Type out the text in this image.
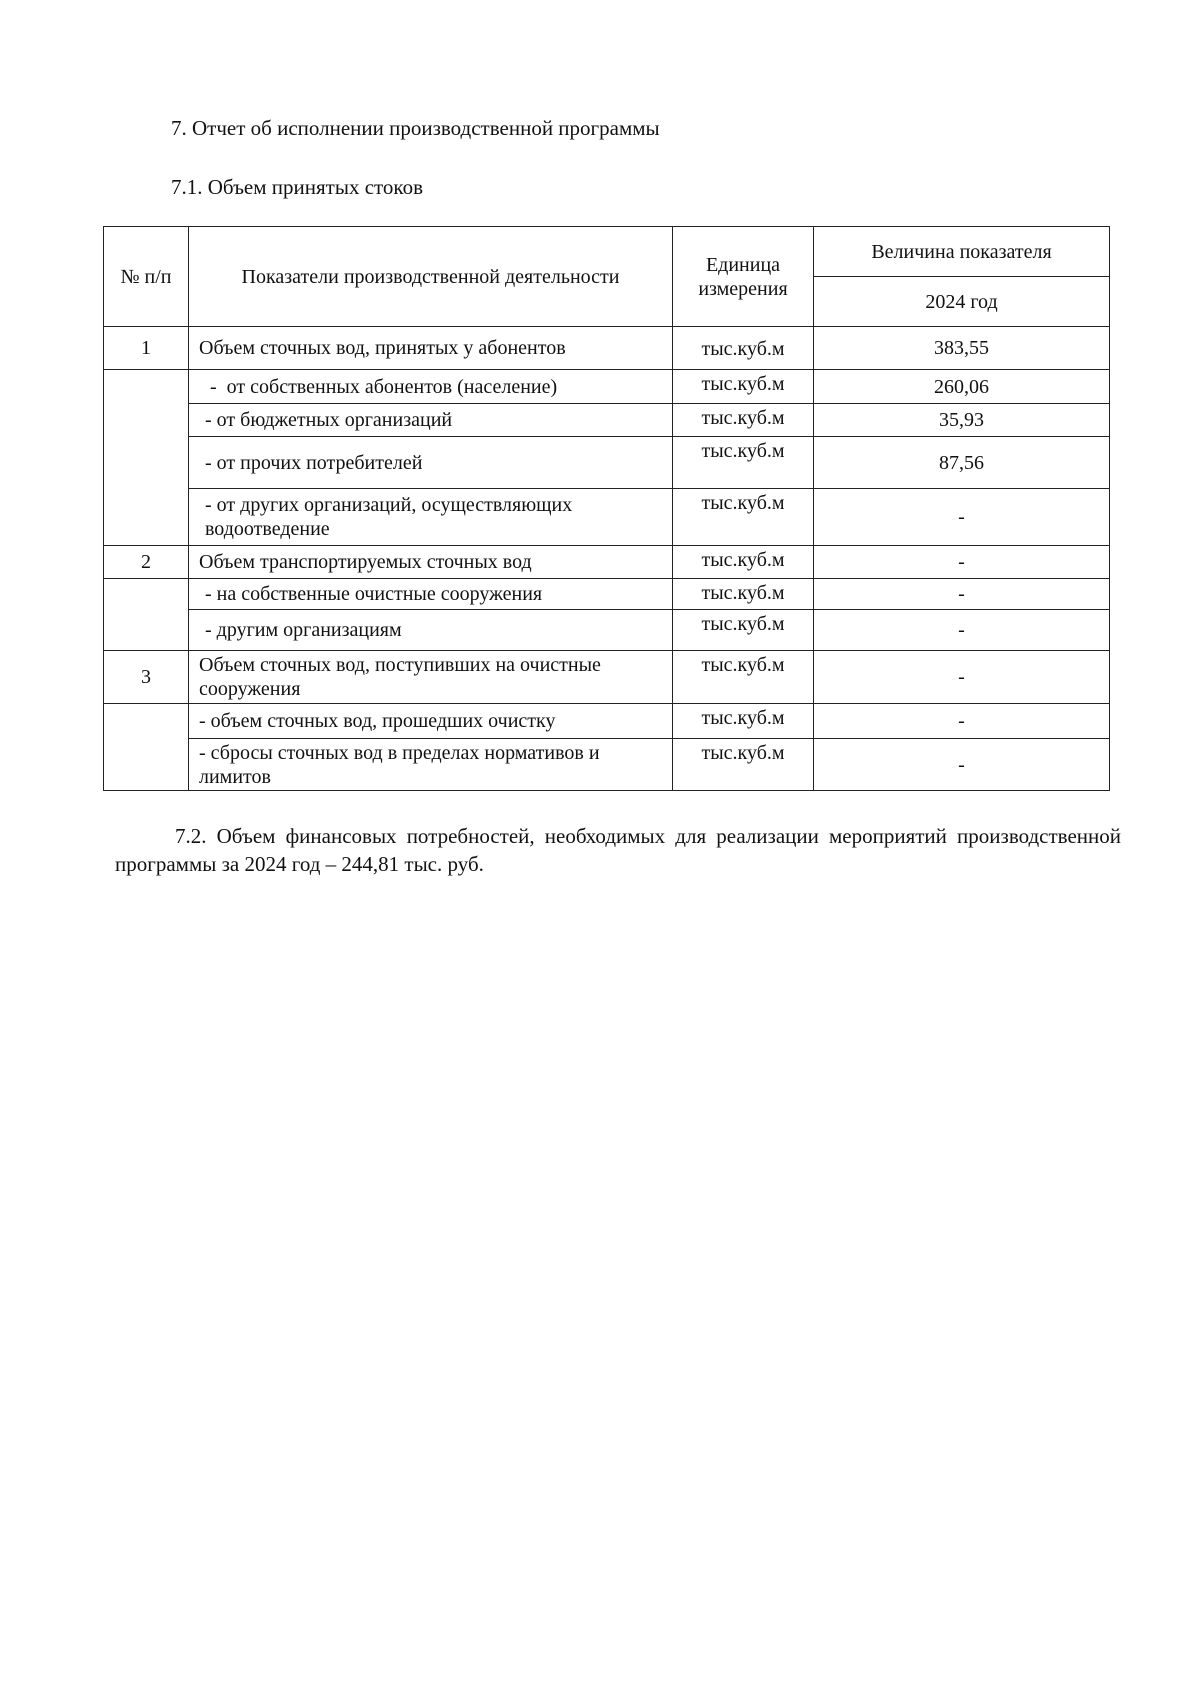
7. Отчет об исполнении производственной программы
7.1. Объем принятых стоков
№ п/п	Показатели производственной деятельности	Единица измерения	Величина показателя
			2024 год
1	Объем сточных вод, принятых у абонентов	тыс.куб.м	383,55
	-  от собственных абонентов (население)	тыс.куб.м	260,06
	- от бюджетных организаций	тыс.куб.м	35,93
	- от прочих потребителей	тыс.куб.м	87,56
	- от других организаций, осуществляющих водоотведение	тыс.куб.м	-
2	Объем транспортируемых сточных вод	тыс.куб.м	-
	- на собственные очистные сооружения	тыс.куб.м	-
	- другим организациям	тыс.куб.м	-
3	Объем сточных вод, поступивших на очистные сооружения	тыс.куб.м	-
	- объем сточных вод, прошедших очистку	тыс.куб.м	-
	- сбросы сточных вод в пределах нормативов и лимитов	тыс.куб.м	-
7.2. Объем финансовых потребностей, необходимых для реализации мероприятий производственной программы за 2024 год – 244,81 тыс. руб.
